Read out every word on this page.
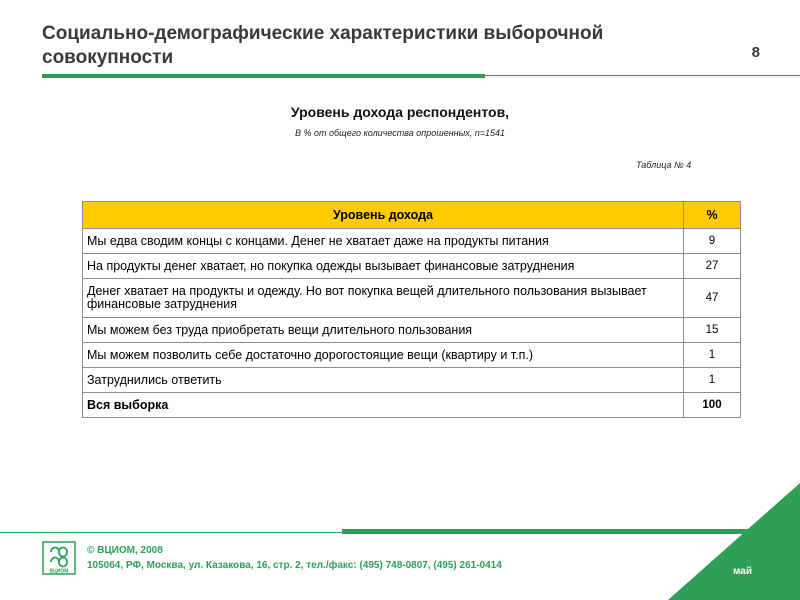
Социально-демографические характеристики выборочной совокупности	8
Уровень дохода респондентов,
В % от общего количества опрошенных, n=1541
Таблица № 4
Уровень дохода	%
Мы едва сводим концы с концами. Денег не хватает даже на продукты питания	9
На продукты денег хватает, но покупка одежды вызывает финансовые затруднения	27
Денег хватает на продукты и одежду. Но вот покупка вещей длительного пользования вызывает финансовые затруднения	47
Мы можем без труда приобретать вещи длительного пользования	15
Мы можем позволить себе достаточно дорогостоящие вещи (квартиру и т.п.)	1
Затруднились ответить	1
Вся выборка	100
ВЦИОМ
© ВЦИОМ, 2008
105064, РФ, Москва, ул. Казакова, 16, стр. 2, тел./факс: (495) 748-0807, (495) 261-0414
май
